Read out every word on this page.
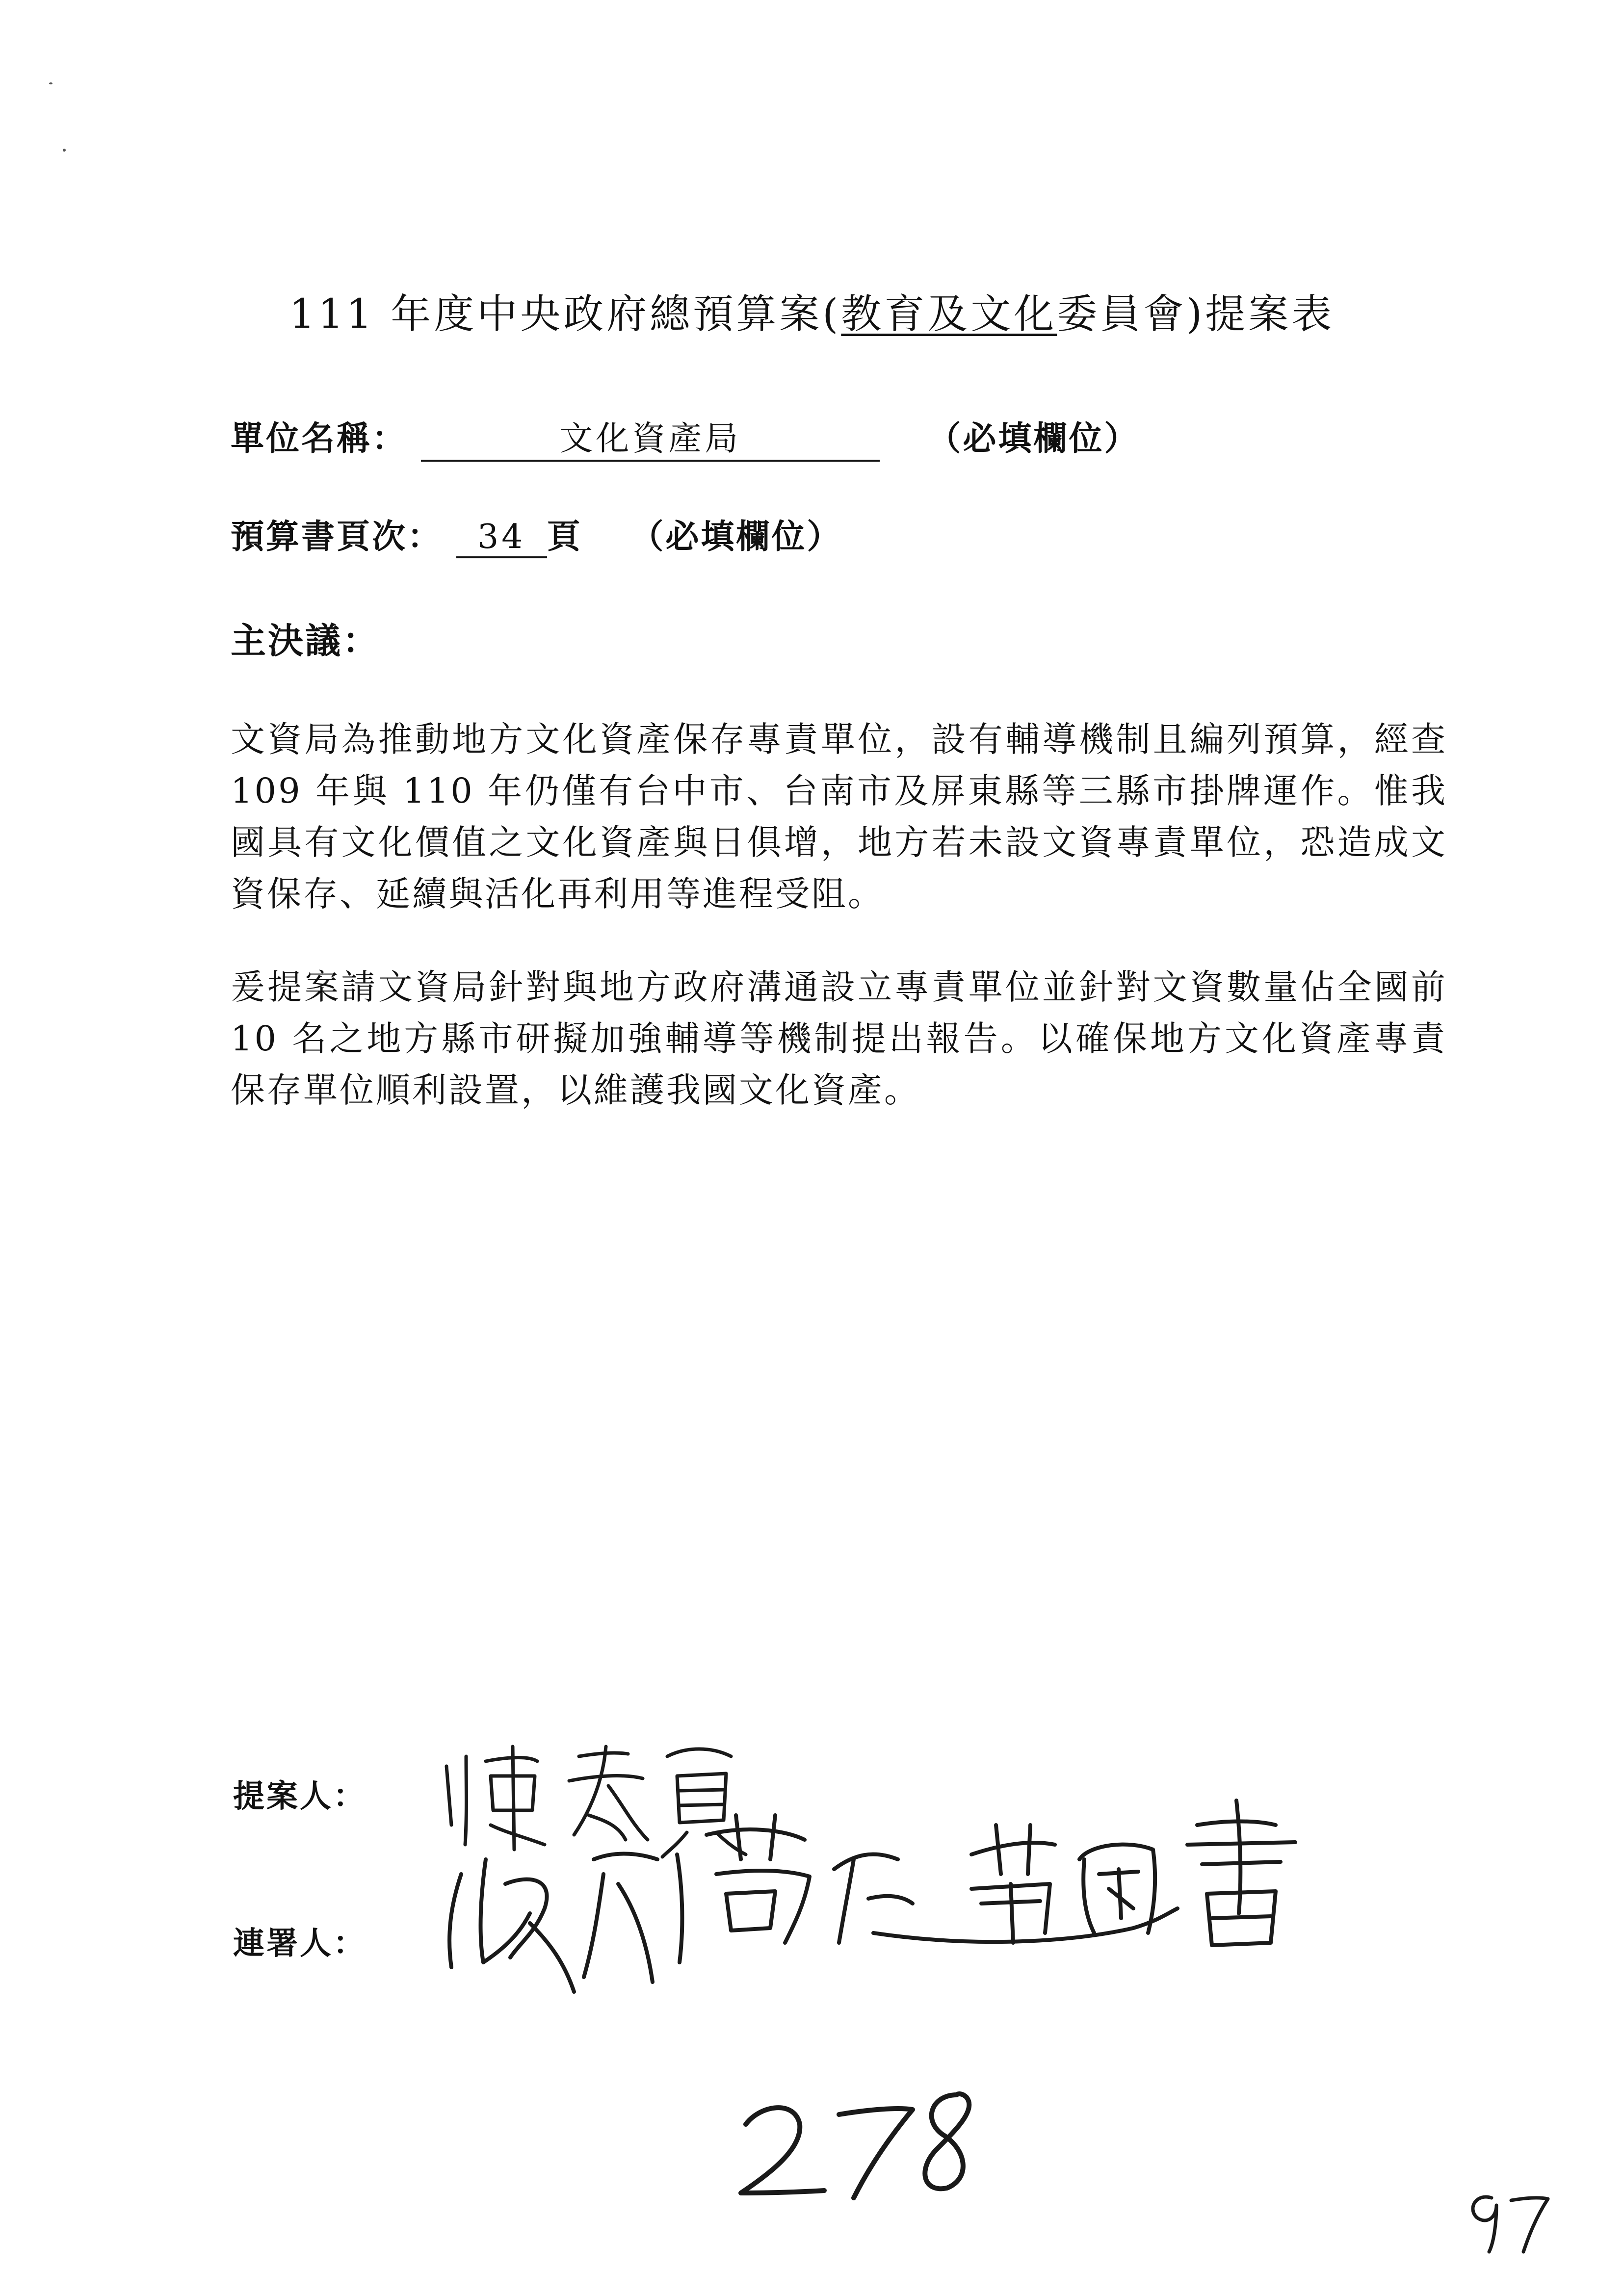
111 年度中央政府總預算案(教育及文化委員會)提案表
單位名稱：	文化資產局	（必填欄位）
預算書頁次： 34 頁 （必填欄位）
主決議：
文資局為推動地方文化資產保存專責單位，設有輔導機制且編列預算，經查 109 年與 110 年仍僅有台中市、台南市及屏東縣等三縣市掛牌運作。惟我國具有文化價值之文化資產與日俱增，地方若未設文資專責單位，恐造成文資保存、延續與活化再利用等進程受阻。
爰提案請文資局針對與地方政府溝通設立專責單位並針對文資數量佔全國前 10 名之地方縣市研擬加強輔導等機制提出報告。以確保地方文化資產專責保存單位順利設置，以維護我國文化資產。
提案人：
連署人：
